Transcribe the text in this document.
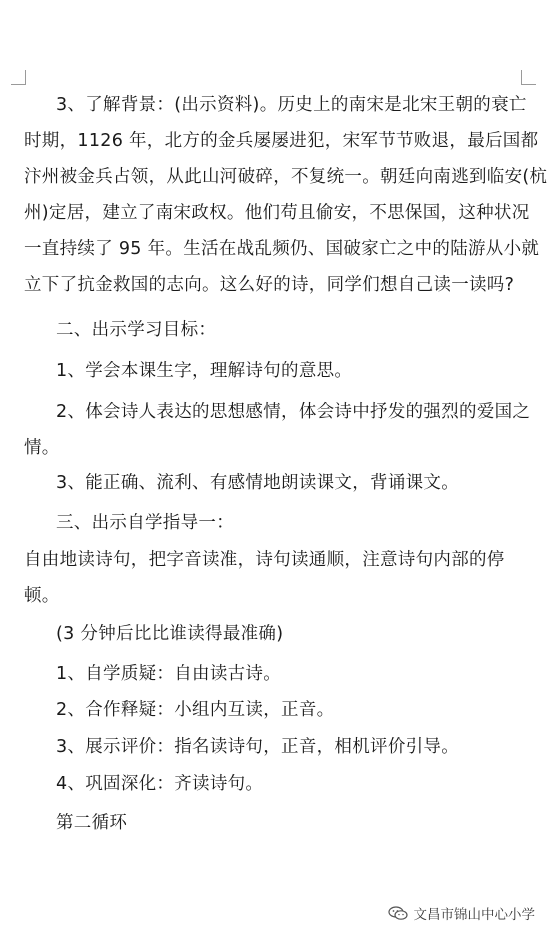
3、了解背景：(出示资料)。历史上的南宋是北宋王朝的衰亡
时期，1126 年，北方的金兵屡屡进犯，宋军节节败退，最后国都
汴州被金兵占领，从此山河破碎，不复统一。朝廷向南逃到临安(杭
州)定居，建立了南宋政权。他们苟且偷安，不思保国，这种状况
一直持续了 95 年。生活在战乱频仍、国破家亡之中的陆游从小就
立下了抗金救国的志向。这么好的诗，同学们想自己读一读吗?
二、出示学习目标：
1、学会本课生字，理解诗句的意思。
2、体会诗人表达的思想感情，体会诗中抒发的强烈的爱国之
情。
3、能正确、流利、有感情地朗读课文，背诵课文。
三、出示自学指导一：
自由地读诗句，把字音读准，诗句读通顺，注意诗句内部的停
顿。
(3 分钟后比比谁读得最准确)
1、自学质疑：自由读古诗。
2、合作释疑：小组内互读，正音。
3、展示评价：指名读诗句，正音，相机评价引导。
4、巩固深化：齐读诗句。
第二循环
文昌市锦山中心小学
